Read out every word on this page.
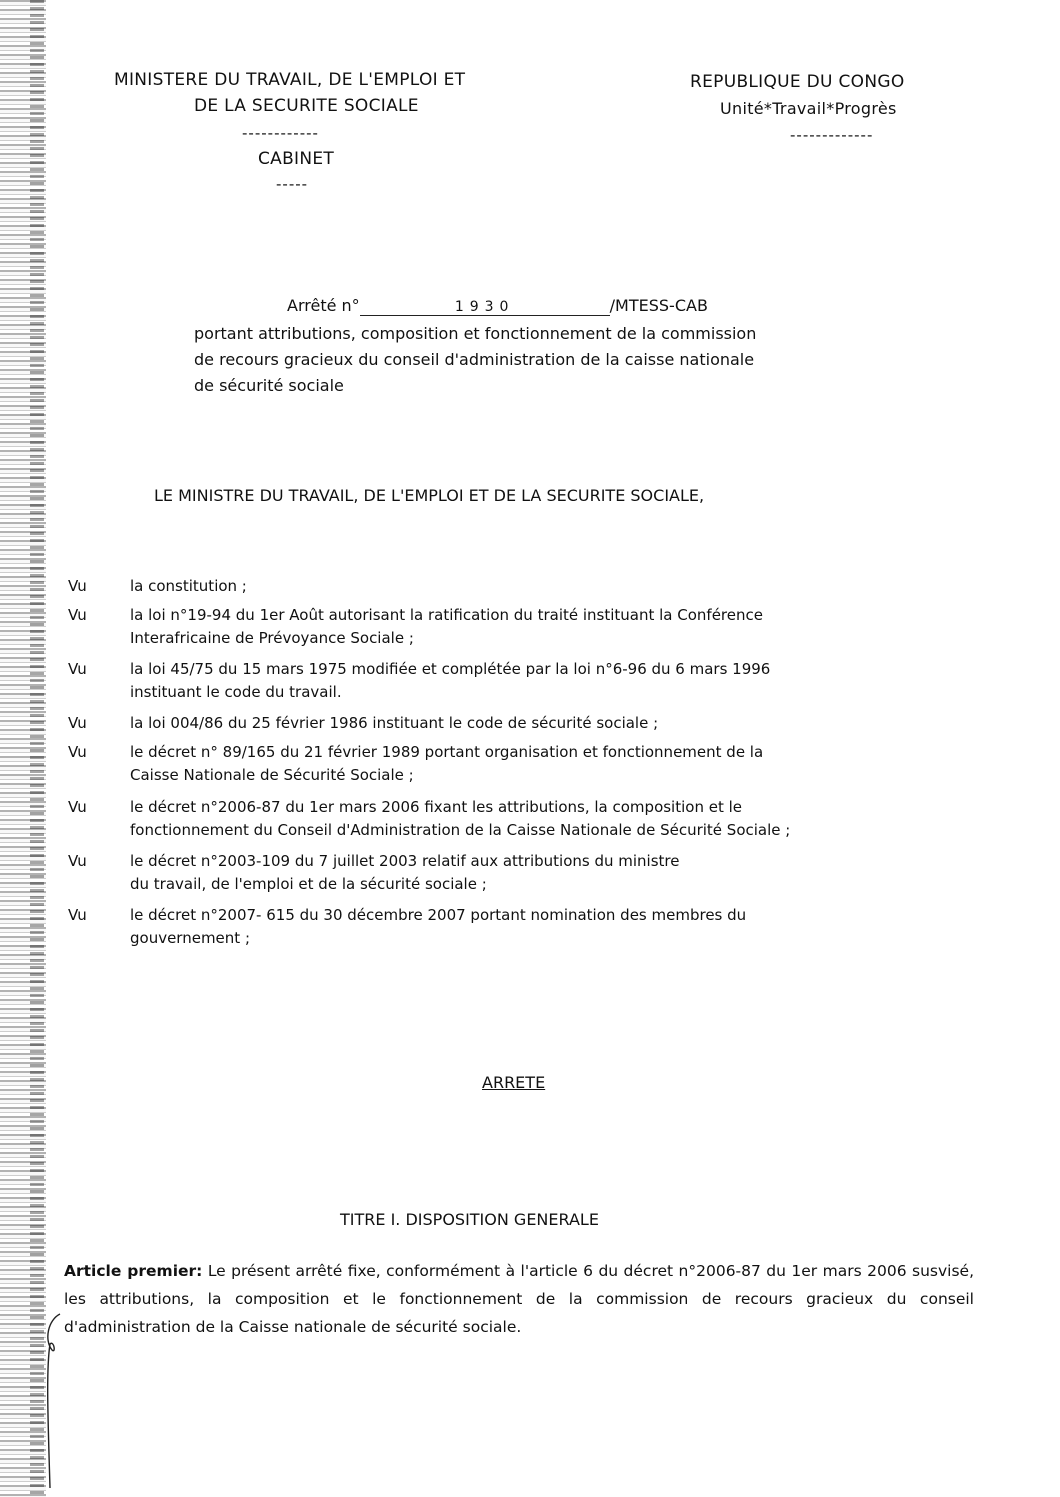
MINISTERE DU TRAVAIL, DE L'EMPLOI ET
DE LA SECURITE SOCIALE
------------
CABINET
-----
REPUBLIQUE DU CONGO
Unité*Travail*Progrès
-------------
Arrêté n°	1930	/MTESS-CAB
portant attributions, composition et fonctionnement de la commission
de recours gracieux du conseil d'administration de la caisse nationale
de sécurité sociale
LE MINISTRE DU TRAVAIL, DE L'EMPLOI ET DE LA SECURITE SOCIALE,
Vu	la constitution ;
Vu	la loi n°19-94 du 1er Août autorisant la ratification du traité instituant la Conférence
Interafricaine de Prévoyance Sociale ;
Vu	la loi 45/75 du 15 mars 1975 modifiée et complétée par la loi n°6-96 du 6 mars 1996
instituant le code du travail.
Vu	la loi 004/86 du 25 février 1986 instituant le code de sécurité sociale ;
Vu	le décret n° 89/165 du 21 février 1989 portant organisation et fonctionnement de la
Caisse Nationale de Sécurité Sociale ;
Vu	le décret n°2006-87 du 1er mars 2006 fixant les attributions, la composition et le
fonctionnement du Conseil d'Administration de la Caisse Nationale de Sécurité Sociale ;
Vu	le décret n°2003-109 du 7 juillet 2003 relatif aux attributions du ministre
du travail, de l'emploi et de la sécurité sociale ;
Vu	le décret n°2007- 615 du 30 décembre 2007 portant nomination des membres du
gouvernement ;
ARRETE
TITRE I. DISPOSITION GENERALE
Article premier: Le présent arrêté fixe, conformément à l'article 6 du décret n°2006-87 du 1er mars 2006 susvisé, les attributions, la composition et le fonctionnement de la commission de recours gracieux du conseil d'administration de la Caisse nationale de sécurité sociale.
